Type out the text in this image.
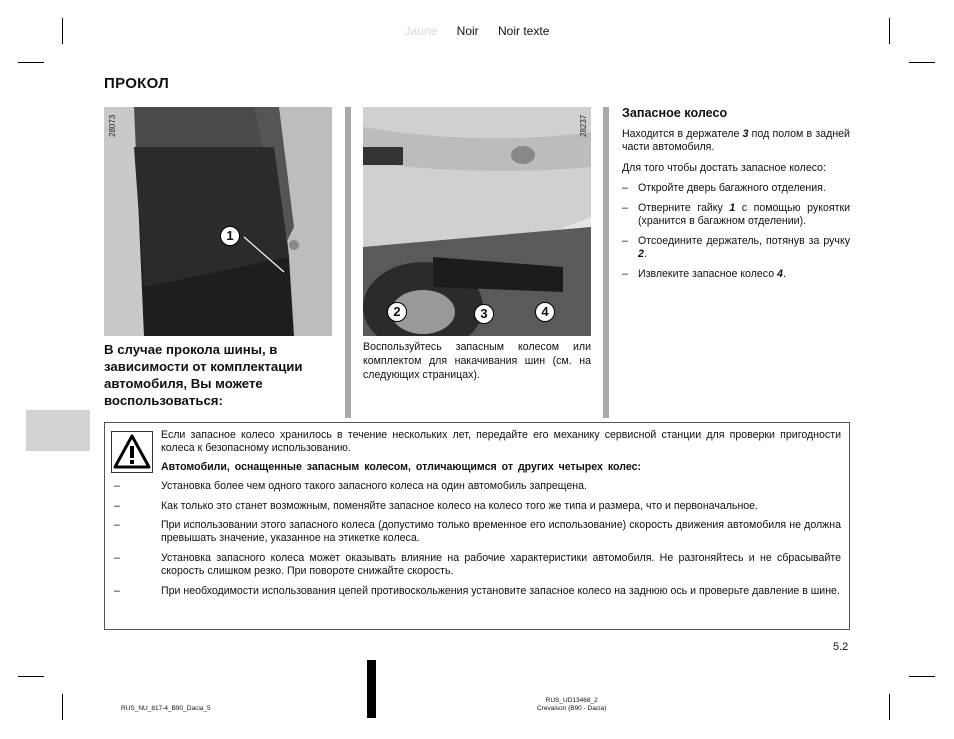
Jaune Noir Noir texte
ПРОКОЛ
28073
1
28237
2	3	4
В случае прокола шины, в зависимости от комплектации автомобиля, Вы можете воспользоваться:
Воспользуйтесь запасным колесом или комплектом для накачивания шин (см. на следующих страницах).
Запасное колесо

Находится в держателе 3 под полом в задней части автомобиля.

Для того чтобы достать запасное колесо:

– Откройте дверь багажного отделения.
– Отверните гайку 1 с помощью рукоятки (хранится в багажном отделении).
– Отсоедините держатель, потянув за ручку 2.
– Извлеките запасное колесо 4.

Если запасное колесо хранилось в течение нескольких лет, передайте его механику сервисной станции для проверки пригодности колеса к безопасному использованию.

Автомобили, оснащенные запасным колесом, отличающимся от других четырех колес:

–	Установка более чем одного такого запасного колеса на один автомобиль запрещена.
–	Как только это станет возможным, поменяйте запасное колесо на колесо того же типа и размера, что и первоначальное.
–	При использовании этого запасного колеса (допустимо только временное его использование) скорость движения автомобиля не должна превышать значение, указанное на этикетке колеса.
–	Установка запасного колеса может оказывать влияние на рабочие характеристики автомобиля. Не разгоняйтесь и не сбрасывайте скорость слишком резко. При повороте снижайте скорость.
–	При необходимости использования цепей противоскольжения установите запасное колесо на заднюю ось и проверьте давление в шине.
5.2
RUS_NU_817-4_B90_Dacia_5
RUS_UD13468_2
Crevaison (B90 - Dacia)
